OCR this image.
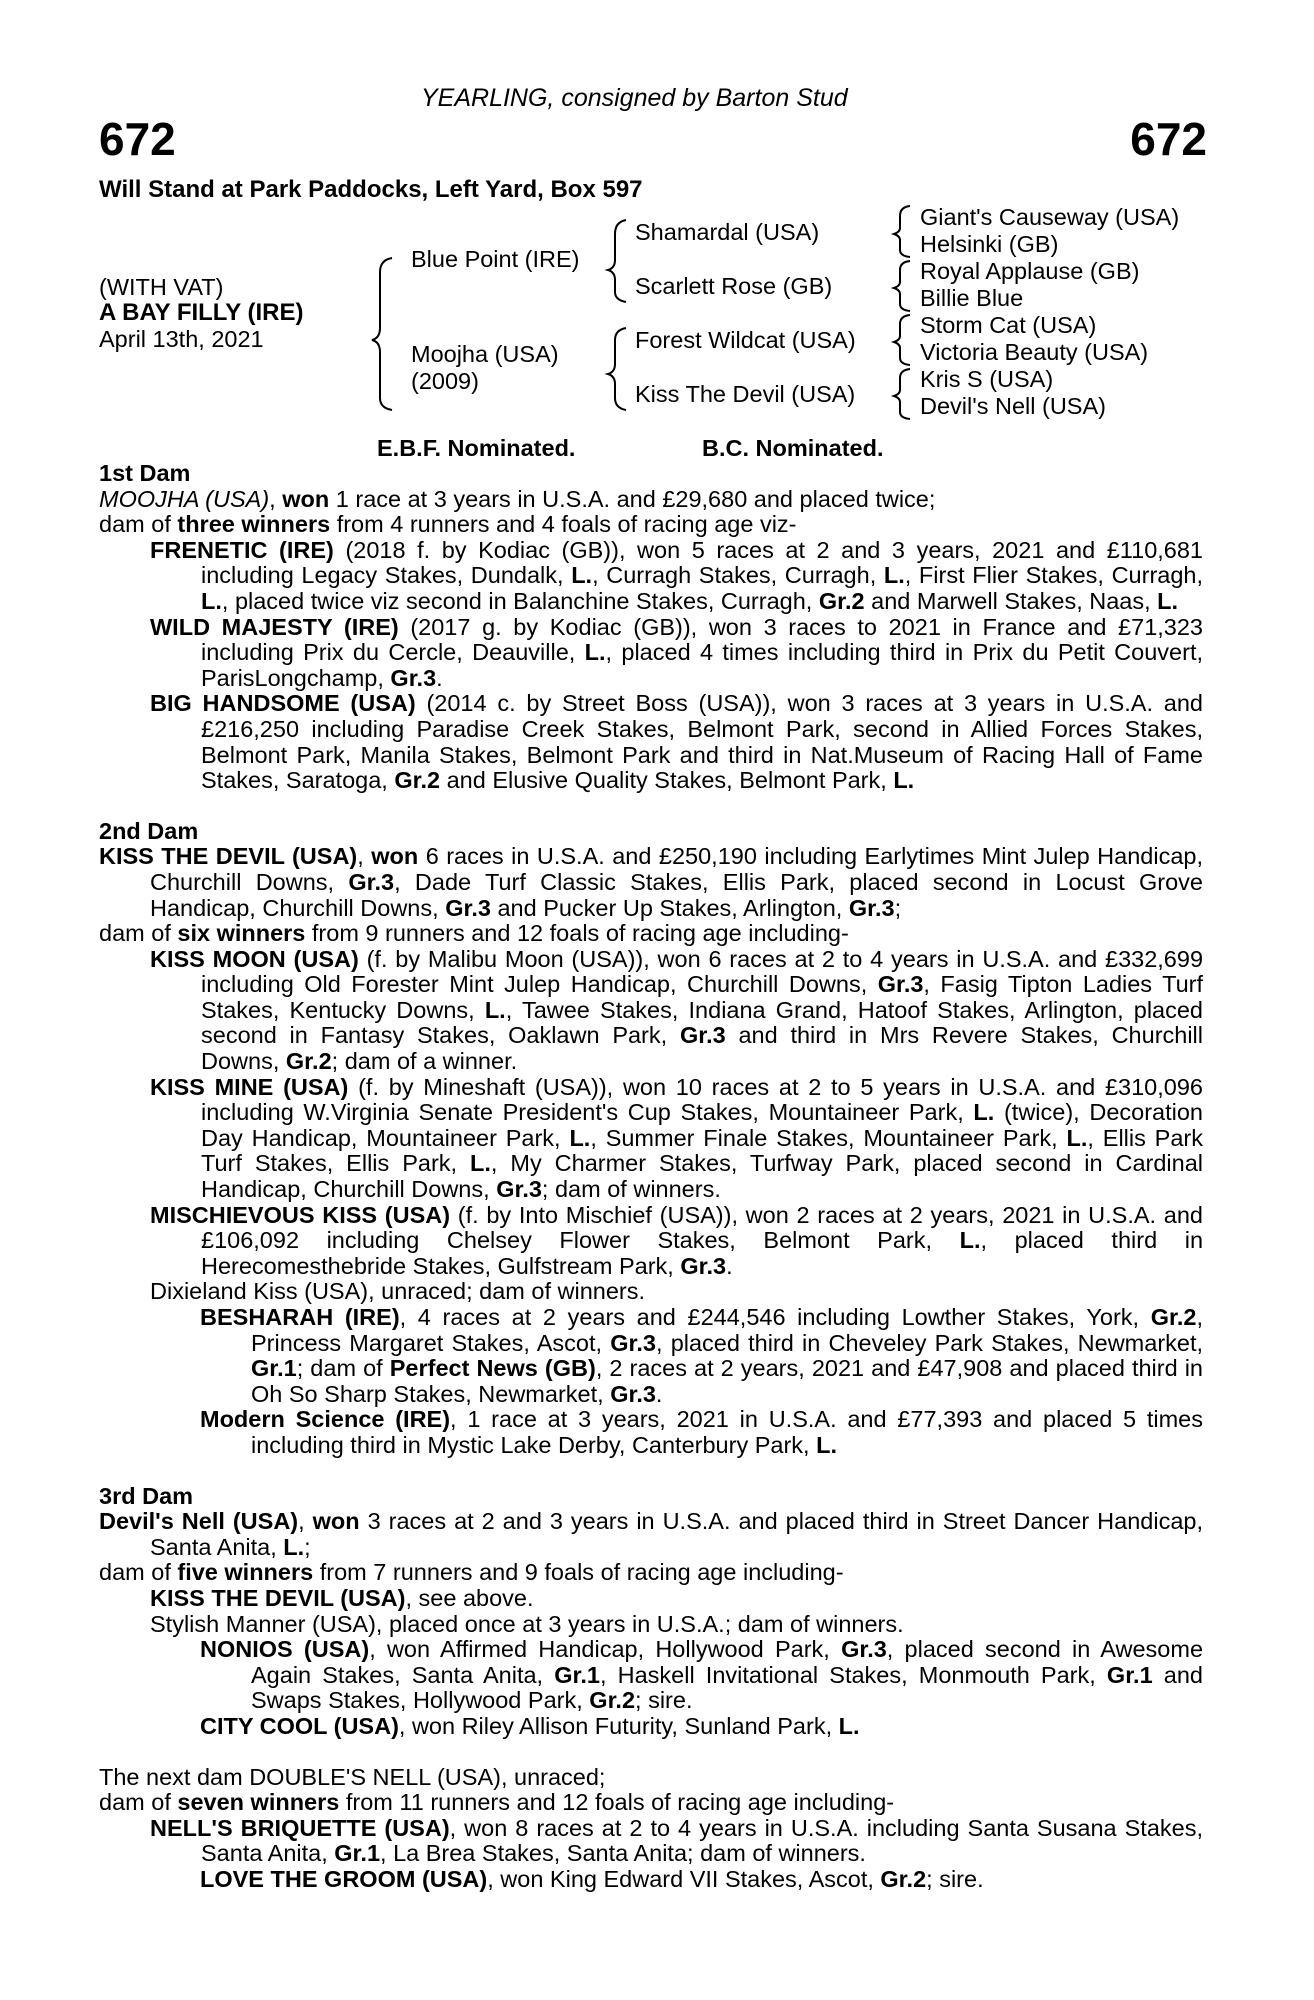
YEARLING, consigned by Barton Stud
672	672
Will Stand at Park Paddocks, Left Yard, Box 597
(WITH VAT)
A BAY FILLY (IRE)
April 13th, 2021
Blue Point (IRE)
Moojha (USA)
(2009)
Shamardal (USA)
Scarlett Rose (GB)
Forest Wildcat (USA)
Kiss The Devil (USA)
Giant's Causeway (USA)
Helsinki (GB)
Royal Applause (GB)
Billie Blue
Storm Cat (USA)
Victoria Beauty (USA)
Kris S (USA)
Devil's Nell (USA)
E.B.F. Nominated.	B.C. Nominated.

1st Dam

MOOJHA (USA), won 1 race at 3 years in U.S.A. and £29,680 and placed twice;

dam of three winners from 4 runners and 4 foals of racing age viz-

FRENETIC (IRE) (2018 f. by Kodiac (GB)), won 5 races at 2 and 3 years, 2021 and £110,681 including Legacy Stakes, Dundalk, L., Curragh Stakes, Curragh, L., First Flier Stakes, Curragh, L., placed twice viz second in Balanchine Stakes, Curragh, Gr.2 and Marwell Stakes, Naas, L.

WILD MAJESTY (IRE) (2017 g. by Kodiac (GB)), won 3 races to 2021 in France and £71,323 including Prix du Cercle, Deauville, L., placed 4 times including third in Prix du Petit Couvert, ParisLongchamp, Gr.3.

BIG HANDSOME (USA) (2014 c. by Street Boss (USA)), won 3 races at 3 years in U.S.A. and £216,250 including Paradise Creek Stakes, Belmont Park, second in Allied Forces Stakes, Belmont Park, Manila Stakes, Belmont Park and third in Nat.Museum of Racing Hall of Fame Stakes, Saratoga, Gr.2 and Elusive Quality Stakes, Belmont Park, L.

2nd Dam

KISS THE DEVIL (USA), won 6 races in U.S.A. and £250,190 including Earlytimes Mint Julep Handicap, Churchill Downs, Gr.3, Dade Turf Classic Stakes, Ellis Park, placed second in Locust Grove Handicap, Churchill Downs, Gr.3 and Pucker Up Stakes, Arlington, Gr.3;

dam of six winners from 9 runners and 12 foals of racing age including-

KISS MOON (USA) (f. by Malibu Moon (USA)), won 6 races at 2 to 4 years in U.S.A. and £332,699 including Old Forester Mint Julep Handicap, Churchill Downs, Gr.3, Fasig Tipton Ladies Turf Stakes, Kentucky Downs, L., Tawee Stakes, Indiana Grand, Hatoof Stakes, Arlington, placed second in Fantasy Stakes, Oaklawn Park, Gr.3 and third in Mrs Revere Stakes, Churchill Downs, Gr.2; dam of a winner.

KISS MINE (USA) (f. by Mineshaft (USA)), won 10 races at 2 to 5 years in U.S.A. and £310,096 including W.Virginia Senate President's Cup Stakes, Mountaineer Park, L. (twice), Decoration Day Handicap, Mountaineer Park, L., Summer Finale Stakes, Mountaineer Park, L., Ellis Park Turf Stakes, Ellis Park, L., My Charmer Stakes, Turfway Park, placed second in Cardinal Handicap, Churchill Downs, Gr.3; dam of winners.

MISCHIEVOUS KISS (USA) (f. by Into Mischief (USA)), won 2 races at 2 years, 2021 in U.S.A. and £106,092 including Chelsey Flower Stakes, Belmont Park, L., placed third in Herecomesthebride Stakes, Gulfstream Park, Gr.3.

Dixieland Kiss (USA), unraced; dam of winners.

BESHARAH (IRE), 4 races at 2 years and £244,546 including Lowther Stakes, York, Gr.2, Princess Margaret Stakes, Ascot, Gr.3, placed third in Cheveley Park Stakes, Newmarket, Gr.1; dam of Perfect News (GB), 2 races at 2 years, 2021 and £47,908 and placed third in Oh So Sharp Stakes, Newmarket, Gr.3.

Modern Science (IRE), 1 race at 3 years, 2021 in U.S.A. and £77,393 and placed 5 times including third in Mystic Lake Derby, Canterbury Park, L.

3rd Dam

Devil's Nell (USA), won 3 races at 2 and 3 years in U.S.A. and placed third in Street Dancer Handicap, Santa Anita, L.;

dam of five winners from 7 runners and 9 foals of racing age including-

KISS THE DEVIL (USA), see above.

Stylish Manner (USA), placed once at 3 years in U.S.A.; dam of winners.

NONIOS (USA), won Affirmed Handicap, Hollywood Park, Gr.3, placed second in Awesome Again Stakes, Santa Anita, Gr.1, Haskell Invitational Stakes, Monmouth Park, Gr.1 and Swaps Stakes, Hollywood Park, Gr.2; sire.

CITY COOL (USA), won Riley Allison Futurity, Sunland Park, L.

The next dam DOUBLE'S NELL (USA), unraced;

dam of seven winners from 11 runners and 12 foals of racing age including-

NELL'S BRIQUETTE (USA), won 8 races at 2 to 4 years in U.S.A. including Santa Susana Stakes, Santa Anita, Gr.1, La Brea Stakes, Santa Anita; dam of winners.

LOVE THE GROOM (USA), won King Edward VII Stakes, Ascot, Gr.2; sire.
